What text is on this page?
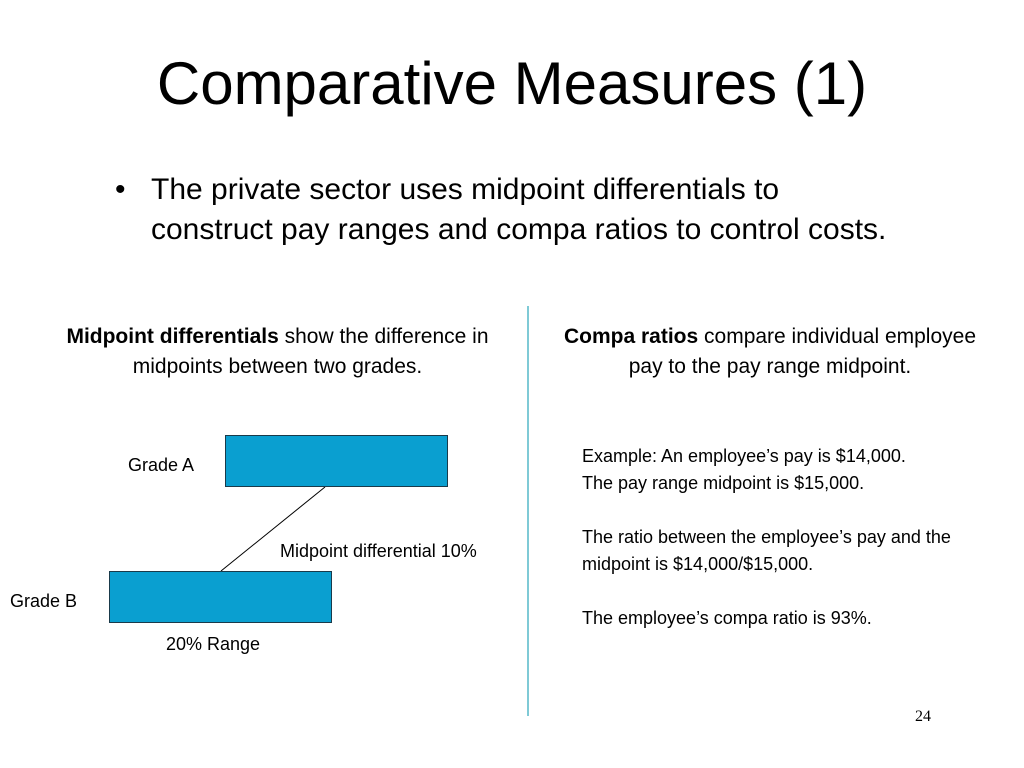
Comparative Measures (1)
• The private sector uses midpoint differentials to construct pay ranges and compa ratios to control costs.
Midpoint differentials show the difference in midpoints between two grades.
Compa ratios compare individual employee pay to the pay range midpoint.
Grade A
Grade B
Midpoint differential 10%
20% Range

Example: An employee’s pay is $14,000.

The pay range midpoint is $15,000.

The ratio between the employee’s pay and the midpoint is $14,000/$15,000.

The employee’s compa ratio is 93%.

24
